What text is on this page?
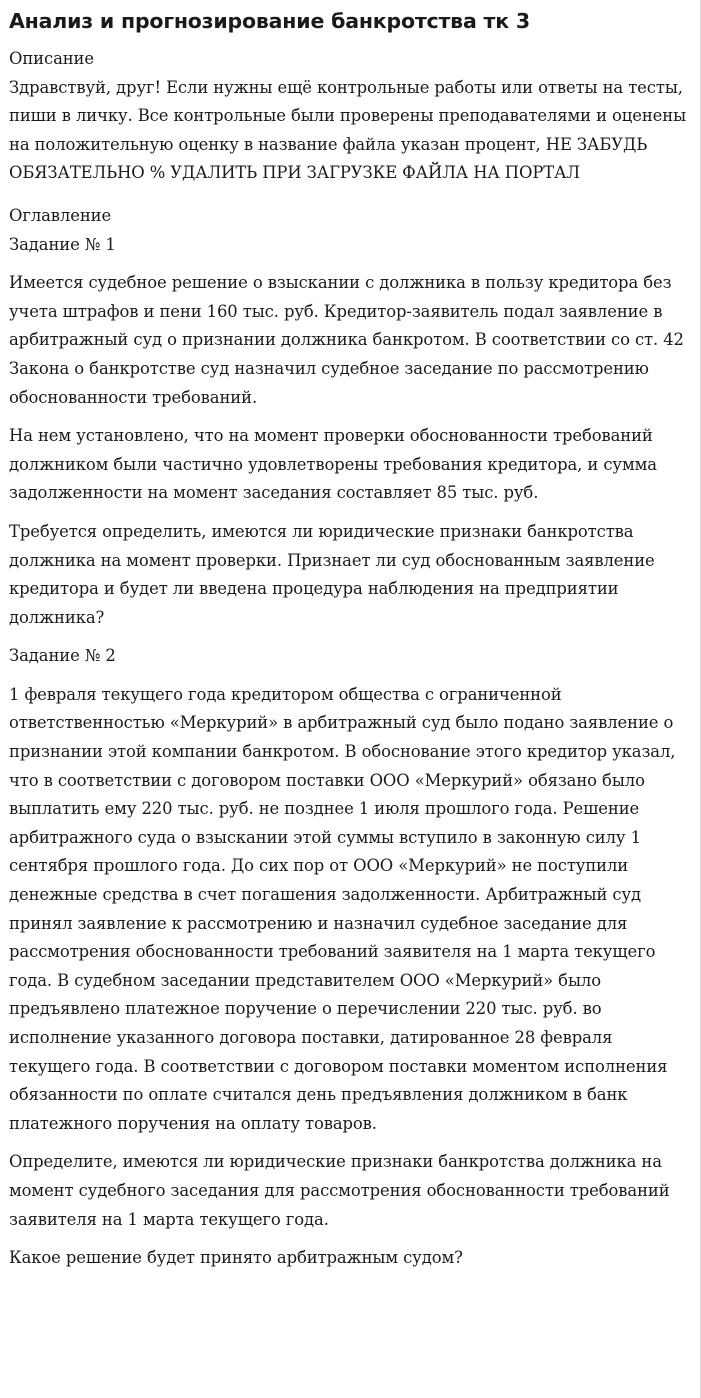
Анализ и прогнозирование банкротства тк 3
Описание

Здравствуй, друг! Если нужны ещё контрольные работы или ответы на тесты, пиши в личку. Все контрольные были проверены преподавателями и оценены на положительную оценку в название файла указан процент, НЕ ЗАБУДЬ ОБЯЗАТЕЛЬНО % УДАЛИТЬ ПРИ ЗАГРУЗКЕ ФАЙЛА НА ПОРТАЛ

Оглавление
Задание № 1

Имеется судебное решение о взыскании с должника в пользу кредитора без учета штрафов и пени 160 тыс. руб. Кредитор-заявитель подал заявление в арбитражный суд о признании должника банкротом. В соответствии со ст. 42 Закона о банкротстве суд назначил судебное заседание по рассмотрению обоснованности требований.

На нем установлено, что на момент проверки обоснованности требований должником были частично удовлетворены требования кредитора, и сумма задолженности на момент заседания составляет 85 тыс. руб.

Требуется определить, имеются ли юридические признаки банкротства должника на момент проверки. Признает ли суд обоснованным заявление кредитора и будет ли введена процедура наблюдения на предприятии должника?

Задание № 2

1 февраля текущего года кредитором общества с ограниченной ответственностью «Меркурий» в арбитражный суд было подано заявление о признании этой компании банкротом. В обоснование этого кредитор указал, что в соответствии с договором поставки ООО «Меркурий» обязано было выплатить ему 220 тыс. руб. не позднее 1 июля прошлого года. Решение арбитражного суда о взыскании этой суммы вступило в законную силу 1 сентября прошлого года. До сих пор от ООО «Меркурий» не поступили денежные средства в счет погашения задолженности. Арбитражный суд принял заявление к рассмотрению и назначил судебное заседание для рассмотрения обоснованности требований заявителя на 1 марта текущего года. В судебном заседании представителем ООО «Меркурий» было предъявлено платежное поручение о перечислении 220 тыс. руб. во исполнение указанного договора поставки, датированное 28 февраля текущего года. В соответствии с договором поставки моментом исполнения обязанности по оплате считался день предъявления должником в банк платежного поручения на оплату товаров.

Определите, имеются ли юридические признаки банкротства должника на момент судебного заседания для рассмотрения обоснованности требований заявителя на 1 марта текущего года.

Какое решение будет принято арбитражным судом?
